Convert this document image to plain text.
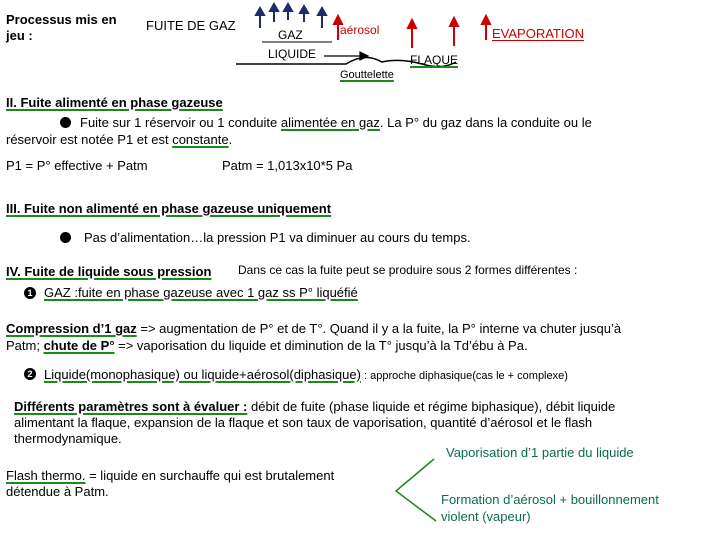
Processus mis en jeu :
FUITE DE GAZ
GAZ
LIQUIDE
aérosol	EVAPORATION
FLAQUE
Gouttelette
II. Fuite alimenté en phase gazeuse
Fuite sur 1 réservoir ou 1 conduite alimentée en gaz. La P° du gaz dans la conduite ou le
réservoir est notée P1 et est constante.
P1 = P° effective + Patm	Patm = 1,013x10*5 Pa
III. Fuite non alimenté en phase gazeuse uniquement
Pas d’alimentation…la pression P1 va diminuer au cours du temps.
IV. Fuite de liquide sous pression Dans ce cas la fuite peut se produire sous 2 formes différentes :
1 GAZ :fuite en phase gazeuse avec 1 gaz ss P° liquéfié
Compression d’1 gaz => augmentation de P° et de T°. Quand il y a la fuite, la P° interne va chuter jusqu’à
Patm; chute de P° => vaporisation du liquide et diminution de la T° jusqu’à la Td’ébu à Pa.
2 Liquide(monophasique) ou liquide+aérosol(diphasique) : approche diphasique(cas le + complexe)
Différents paramètres sont à évaluer : débit de fuite (phase liquide et régime biphasique), débit liquide alimentant la flaque, expansion de la flaque et son taux de vaporisation, quantité d’aérosol et le flash thermodynamique.
Flash thermo. = liquide en surchauffe qui est brutalement détendue à Patm.
Vaporisation d’1 partie du liquide
Formation d’aérosol + bouillonnement violent (vapeur)
